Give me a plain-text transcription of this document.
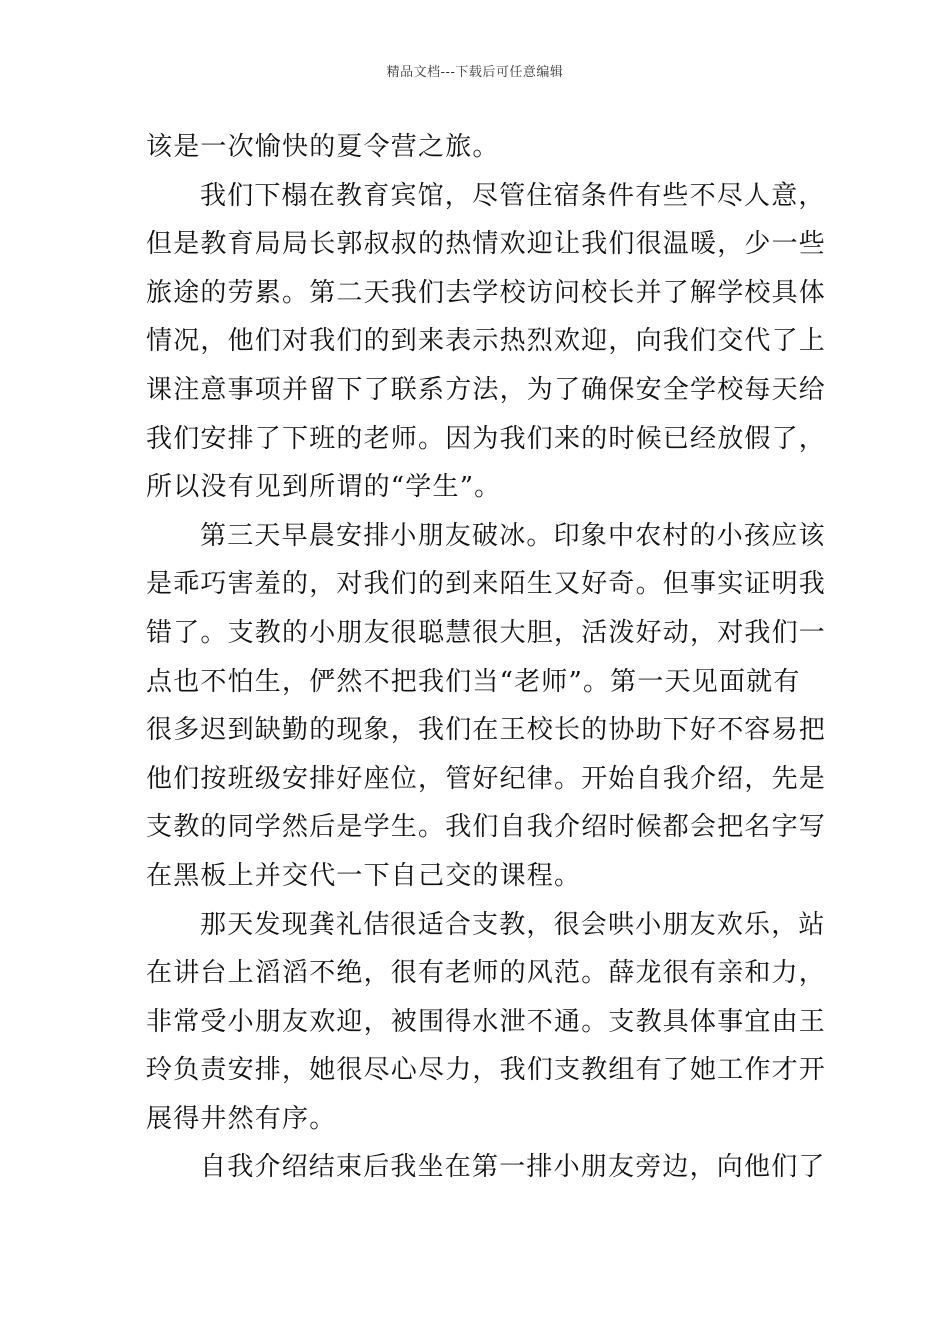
精品文档---下载后可任意编辑
该是一次愉快的夏令营之旅。
我们下榻在教育宾馆，尽管住宿条件有些不尽人意，
但是教育局局长郭叔叔的热情欢迎让我们很温暖，少一些
旅途的劳累。第二天我们去学校访问校长并了解学校具体
情况，他们对我们的到来表示热烈欢迎，向我们交代了上
课注意事项并留下了联系方法，为了确保安全学校每天给
我们安排了下班的老师。因为我们来的时候已经放假了，
所以没有见到所谓的“学生”。
第三天早晨安排小朋友破冰。印象中农村的小孩应该
是乖巧害羞的，对我们的到来陌生又好奇。但事实证明我
错了。支教的小朋友很聪慧很大胆，活泼好动，对我们一
点也不怕生，俨然不把我们当“老师”。第一天见面就有
很多迟到缺勤的现象，我们在王校长的协助下好不容易把
他们按班级安排好座位，管好纪律。开始自我介绍，先是
支教的同学然后是学生。我们自我介绍时候都会把名字写
在黑板上并交代一下自己交的课程。
那天发现龚礼佶很适合支教，很会哄小朋友欢乐，站
在讲台上滔滔不绝，很有老师的风范。薛龙很有亲和力，
非常受小朋友欢迎，被围得水泄不通。支教具体事宜由王
玲负责安排，她很尽心尽力，我们支教组有了她工作才开
展得井然有序。
自我介绍结束后我坐在第一排小朋友旁边，向他们了
